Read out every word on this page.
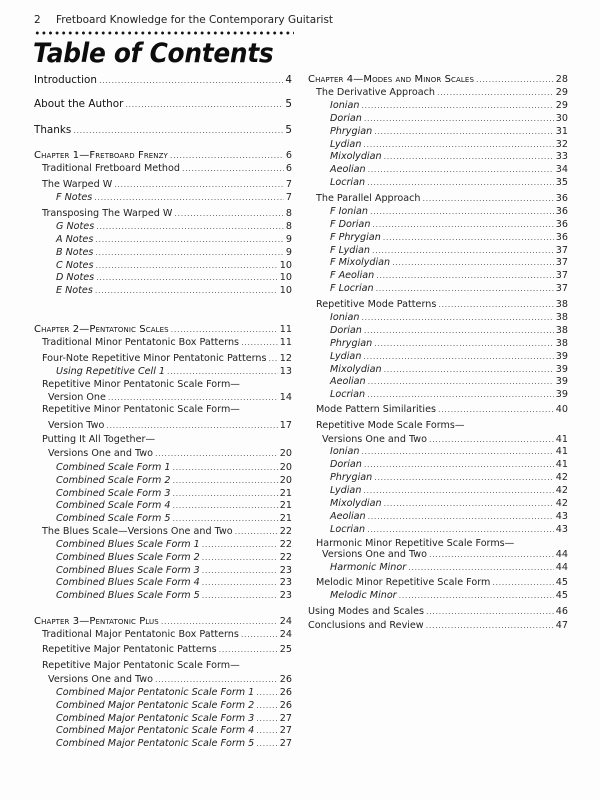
2 Fretboard Knowledge for the Contemporary Guitarist
Table of Contents
Introduction .....	4
About the Author .....	5
Thanks .....	5
Chapter 1—Fretboard Frenzy .....	6
Traditional Fretboard Method .....	6
The Warped W .....	7
F Notes .....	7
Transposing The Warped W .....	8
G Notes .....	8
A Notes .....	9
B Notes .....	9
C Notes .....	10
D Notes .....	10
E Notes .....	10
Chapter 2—Pentatonic Scales .....	11
Traditional Minor Pentatonic Box Patterns .....	11
Four-Note Repetitive Minor Pentatonic Patterns ..... 12
Using Repetitive Cell 1 .....	13
Repetitive Minor Pentatonic Scale Form—
Version One .....	14
Repetitive Minor Pentatonic Scale Form—
Version Two .....	17
Putting It All Together—
Versions One and Two .....	20
Combined Scale Form 1 .....	20
Combined Scale Form 2 .....	20
Combined Scale Form 3 .....	21
Combined Scale Form 4 .....	21
Combined Scale Form 5 .....	21
The Blues Scale—Versions One and Two .....	22
Combined Blues Scale Form 1 .....	22
Combined Blues Scale Form 2 .....	22
Combined Blues Scale Form 3 .....	23
Combined Blues Scale Form 4 .....	23
Combined Blues Scale Form 5 .....	23
Chapter 3—Pentatonic Plus .....	24
Traditional Major Pentatonic Box Patterns .....	24
Repetitive Major Pentatonic Patterns .....	25
Repetitive Major Pentatonic Scale Form—
Versions One and Two .....	26
Combined Major Pentatonic Scale Form 1 .....	26
Combined Major Pentatonic Scale Form 2 .....	26
Combined Major Pentatonic Scale Form 3 .....	27
Combined Major Pentatonic Scale Form 4 .....	27
Combined Major Pentatonic Scale Form 5 .....	27
Chapter 4—Modes and Minor Scales .....	28
The Derivative Approach .....	29
Ionian .....	29
Dorian .....	30
Phrygian .....	31
Lydian .....	32
Mixolydian .....	33
Aeolian .....	34
Locrian .....	35
The Parallel Approach .....	36
F Ionian .....	36
F Dorian .....	36
F Phrygian .....	36
F Lydian .....	37
F Mixolydian .....	37
F Aeolian .....	37
F Locrian .....	37
Repetitive Mode Patterns .....	38
Ionian .....	38
Dorian .....	38
Phrygian .....	38
Lydian .....	39
Mixolydian .....	39
Aeolian .....	39
Locrian .....	39
Mode Pattern Similarities .....	40
Repetitive Mode Scale Forms—
Versions One and Two .....	41
Ionian .....	41
Dorian .....	41
Phrygian .....	42
Lydian .....	42
Mixolydian .....	42
Aeolian .....	43
Locrian .....	43
Harmonic Minor Repetitive Scale Forms—
Versions One and Two .....	44
Harmonic Minor .....	44
Melodic Minor Repetitive Scale Form .....	45
Melodic Minor .....	45
Using Modes and Scales .....	46
Conclusions and Review .....	47
